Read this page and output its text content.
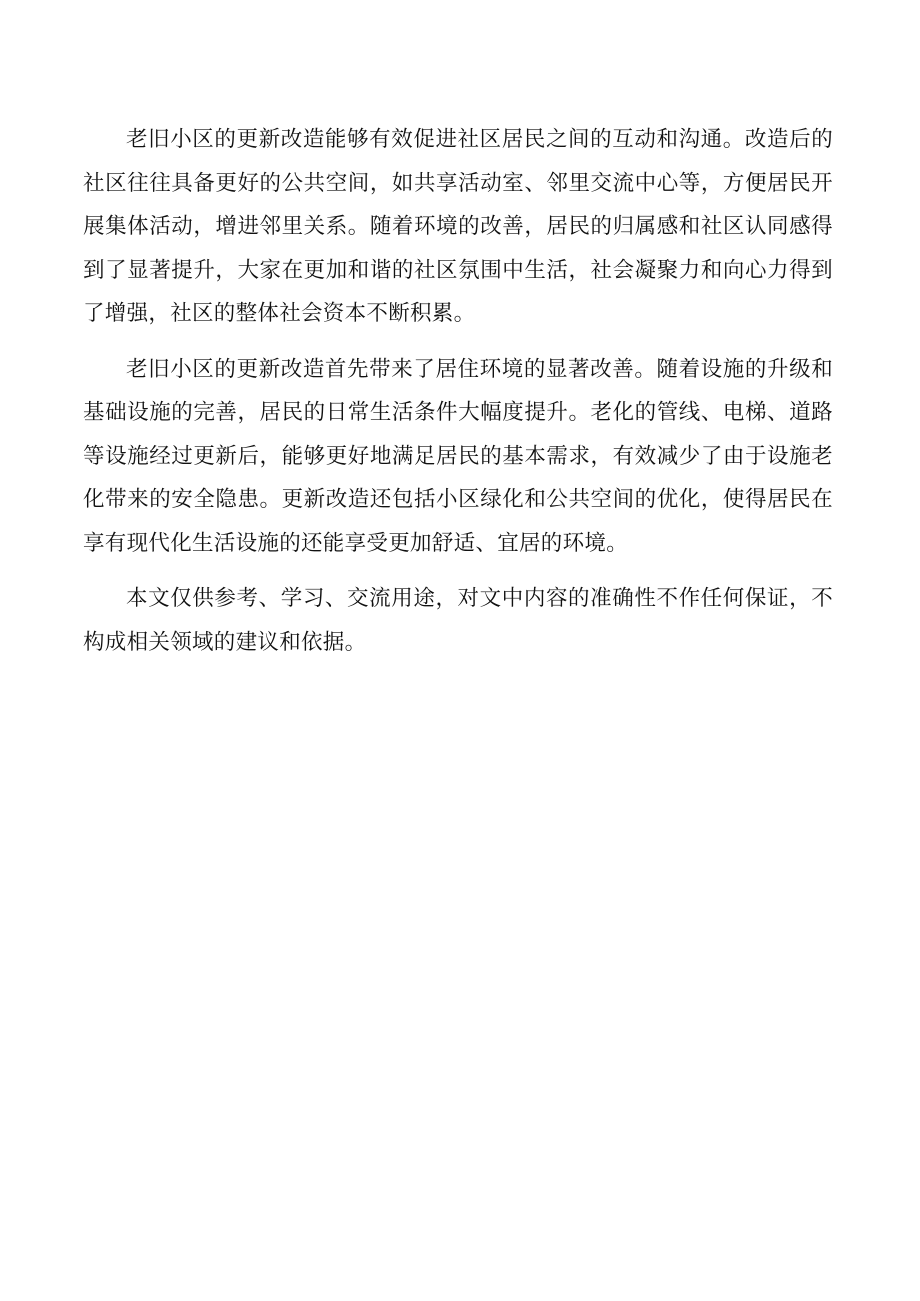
老旧小区的更新改造能够有效促进社区居民之间的互动和沟通。改造后的社区往往具备更好的公共空间，如共享活动室、邻里交流中心等，方便居民开展集体活动，增进邻里关系。随着环境的改善，居民的归属感和社区认同感得到了显著提升，大家在更加和谐的社区氛围中生活，社会凝聚力和向心力得到了增强，社区的整体社会资本不断积累。

老旧小区的更新改造首先带来了居住环境的显著改善。随着设施的升级和基础设施的完善，居民的日常生活条件大幅度提升。老化的管线、电梯、道路等设施经过更新后，能够更好地满足居民的基本需求，有效减少了由于设施老化带来的安全隐患。更新改造还包括小区绿化和公共空间的优化，使得居民在享有现代化生活设施的还能享受更加舒适、宜居的环境。

本文仅供参考、学习、交流用途，对文中内容的准确性不作任何保证，不构成相关领域的建议和依据。
